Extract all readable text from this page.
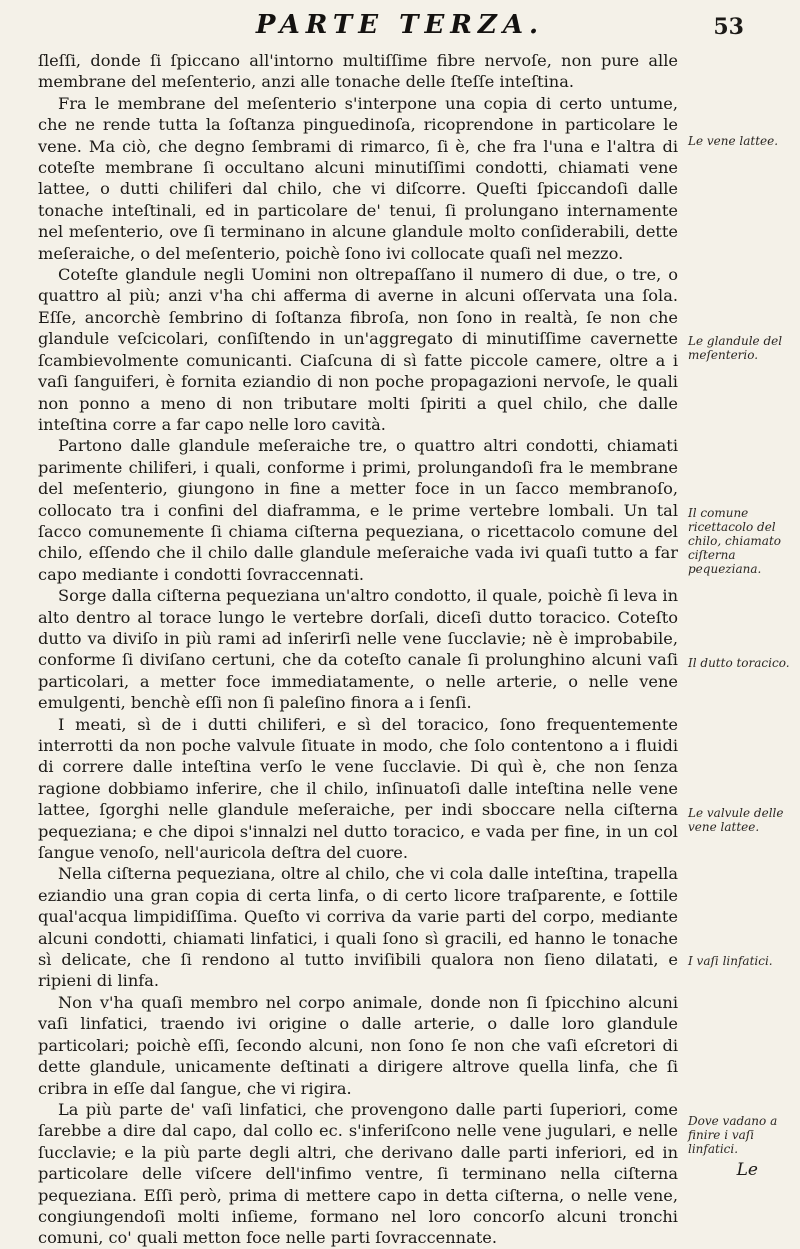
PARTE TERZA.	53

ſleſſi, donde ſi ſpiccano all'intorno multiſſime fibre nervoſe, non pure alle membrane del meſenterio, anzi alle tonache delle ſteſſe inteſtina.

Fra le membrane del meſenterio s'interpone una copia di certo untume, che ne rende tutta la ſoſtanza pinguedinoſa, ricoprendone in particolare le vene. Ma ciò, che degno ſembrami di rimarco, ſi è, che fra l'una e l'altra di coteſte membrane ſi occultano alcuni minutiſſimi condotti, chiamati vene lattee, o dutti chiliferi dal chilo, che vi diſcorre. Queſti ſpiccandoſi dalle tonache inteſtinali, ed in particolare de' tenui, ſi prolungano internamente nel meſenterio, ove ſi terminano in alcune glandule molto conſiderabili, dette meſeraiche, o del meſenterio, poichè ſono ivi collocate quaſi nel mezzo.

Coteſte glandule negli Uomini non oltrepaſſano il numero di due, o tre, o quattro al più; anzi v'ha chi afferma di averne in alcuni oſſervata una ſola. Eſſe, ancorchè ſembrino di ſoſtanza fibroſa, non ſono in realtà, ſe non che glandule veſcicolari, conſiſtendo in un'aggregato di minutiſſime cavernette ſcambievolmente comunicanti. Ciaſcuna di sì fatte piccole camere, oltre a i vaſi ſanguiferi, è fornita eziandio di non poche propagazioni nervoſe, le quali non ponno a meno di non tributare molti ſpiriti a quel chilo, che dalle inteſtina corre a far capo nelle loro cavità.

Partono dalle glandule meſeraiche tre, o quattro altri condotti, chiamati parimente chiliferi, i quali, conforme i primi, prolungandoſi fra le membrane del meſenterio, giungono in fine a metter foce in un ſacco membranoſo, collocato tra i confini del diaframma, e le prime vertebre lombali. Un tal ſacco comunemente ſi chiama ciſterna pequeziana, o ricettacolo comune del chilo, eſſendo che il chilo dalle glandule meſeraiche vada ivi quaſi tutto a far capo mediante i condotti ſovraccennati.

Sorge dalla ciſterna pequeziana un'altro condotto, il quale, poichè ſi leva in alto dentro al torace lungo le vertebre dorſali, diceſi dutto toracico. Coteſto dutto va diviſo in più rami ad inſerirſi nelle vene ſucclavie; nè è improbabile, conforme ſi diviſano certuni, che da coteſto canale ſi prolunghino alcuni vaſi particolari, a metter foce immediatamente, o nelle arterie, o nelle vene emulgenti, benchè eſſi non ſi paleſino finora a i ſenſi.

I meati, sì de i dutti chiliferi, e sì del toracico, ſono frequentemente interrotti da non poche valvule ſituate in modo, che ſolo contentono a i fluidi di correre dalle inteſtina verſo le vene ſucclavie. Di quì è, che non ſenza ragione dobbiamo inferire, che il chilo, inſinuatoſi dalle inteſtina nelle vene lattee, ſgorghi nelle glandule meſeraiche, per indi sboccare nella ciſterna pequeziana; e che dipoi s'innalzi nel dutto toracico, e vada per fine, in un col ſangue venoſo, nell'auricola deſtra del cuore.

Nella ciſterna pequeziana, oltre al chilo, che vi cola dalle inteſtina, trapella eziandio una gran copia di certa linfa, o di certo licore traſparente, e ſottile qual'acqua limpidiſſima. Queſto vi corriva da varie parti del corpo, mediante alcuni condotti, chiamati linfatici, i quali ſono sì gracili, ed hanno le tonache sì delicate, che ſi rendono al tutto inviſibili qualora non ſieno dilatati, e ripieni di linfa.

Non v'ha quaſi membro nel corpo animale, donde non ſi ſpicchino alcuni vaſi linfatici, traendo ivi origine o dalle arterie, o dalle loro glandule particolari; poichè eſſi, ſecondo alcuni, non ſono ſe non che vaſi eſcretori di dette glandule, unicamente deſtinati a dirigere altrove quella linfa, che ſi cribra in eſſe dal ſangue, che vi rigira.

La più parte de' vaſi linfatici, che provengono dalle parti ſuperiori, come ſarebbe a dire dal capo, dal collo ec. s'inferiſcono nelle vene jugulari, e nelle ſucclavie; e la più parte degli altri, che derivano dalle parti inferiori, ed in particolare delle viſcere dell'infimo ventre, ſi terminano nella ciſterna pequeziana. Eſſi però, prima di mettere capo in detta ciſterna, o nelle vene, congiungendoſi molti inſieme, formano nel loro concorſo alcuni tronchi comuni, co' quali metton foce nelle parti ſovraccennate.

Le vene lattee.
Le glandule del meſenterio.
Il comune ricettacolo del chilo, chiamato ciſterna pequeziana.
Il dutto toracico.
Le valvule delle vene lattee.
I vaſi linfatici.
Dove vadano a finire i vaſi linfatici.
Le
